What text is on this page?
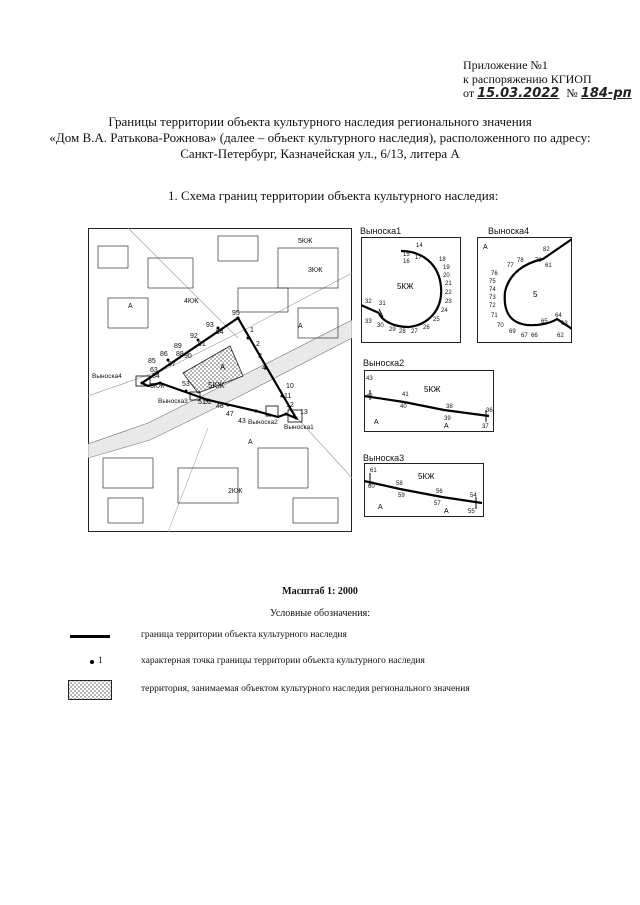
Приложение №1
к распоряжению КГИОП
от 15.03.2022 № 184-рп
Границы территории объекта культурного наследия регионального значения
«Дом В.А. Ратькова-Рожнова» (далее – объект культурного наследия), расположенного по адресу:
Санкт-Петербург, Казначейская ул., 6/13, литера А
1. Схема границ территории объекта культурного наследия:
95
93
94
92
91
89
86
85 87
90
88
63
84
1
2
3
4
10
11
12
13
43
47
48
51
52
53
5КЖ	5КЖ
5КЖ
4КЖ
3КЖ
2КЖ
А
А
А
А
Выноска4
Выноска3
Выноска2
Выноска1
Выноска1
14
15
16
17	18
19
20
21
22
23
24
25
26
27
28
29
30
31
32
33
5КЖ
Выноска4
82
61
79
78
77
76
75
74
73
72
71
70
69
67 66
65
64
63
62
5
А
Выноска2
43
42	41
40	38
39
36
37
5КЖ
А
А
Выноска3
61
60	58
59
56
57
54
55
5КЖ
А
А
Масштаб 1: 2000
Условные обозначения:
граница территории объекта культурного наследия
1	характерная точка границы территории объекта культурного наследия
территория, занимаемая объектом культурного наследия регионального значения
